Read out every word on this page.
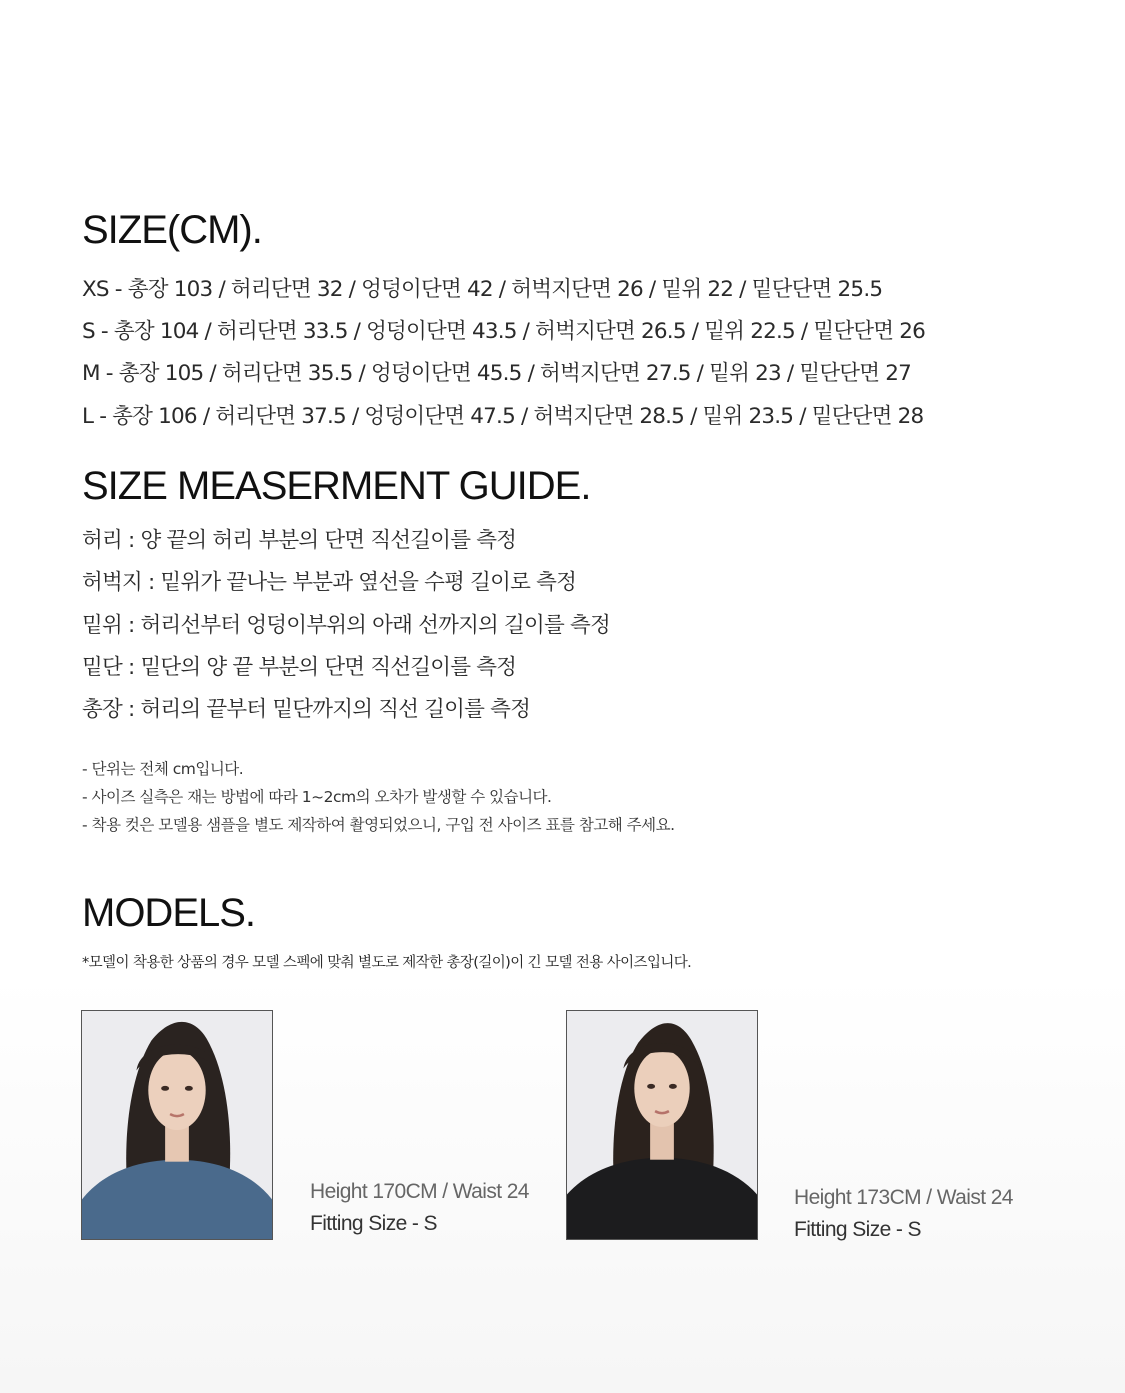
SIZE(CM).
XS - 총장 103 / 허리단면 32 / 엉덩이단면 42 / 허벅지단면 26 / 밑위 22 / 밑단단면 25.5
S - 총장 104 / 허리단면 33.5 / 엉덩이단면 43.5 / 허벅지단면 26.5 / 밑위 22.5 / 밑단단면 26
M - 총장 105 / 허리단면 35.5 / 엉덩이단면 45.5 / 허벅지단면 27.5 / 밑위 23 / 밑단단면 27
L - 총장 106 / 허리단면 37.5 / 엉덩이단면 47.5 / 허벅지단면 28.5 / 밑위 23.5 / 밑단단면 28
SIZE MEASERMENT GUIDE.
허리 : 양 끝의 허리 부분의 단면 직선길이를 측정
허벅지 : 밑위가 끝나는 부분과 옆선을 수평 길이로 측정
밑위 : 허리선부터 엉덩이부위의 아래 선까지의 길이를 측정
밑단 : 밑단의 양 끝 부분의 단면 직선길이를 측정
총장 : 허리의 끝부터 밑단까지의 직선 길이를 측정
- 단위는 전체 cm입니다.
- 사이즈 실측은 재는 방법에 따라 1~2cm의 오차가 발생할 수 있습니다.
- 착용 컷은 모델용 샘플을 별도 제작하여 촬영되었으니, 구입 전 사이즈 표를 참고해 주세요.
MODELS.
*모델이 착용한 상품의 경우 모델 스펙에 맞춰 별도로 제작한 총장(길이)이 긴 모델 전용 사이즈입니다.
Height 170CM / Waist 24
Fitting Size - S
Height 173CM / Waist 24
Fitting Size - S
